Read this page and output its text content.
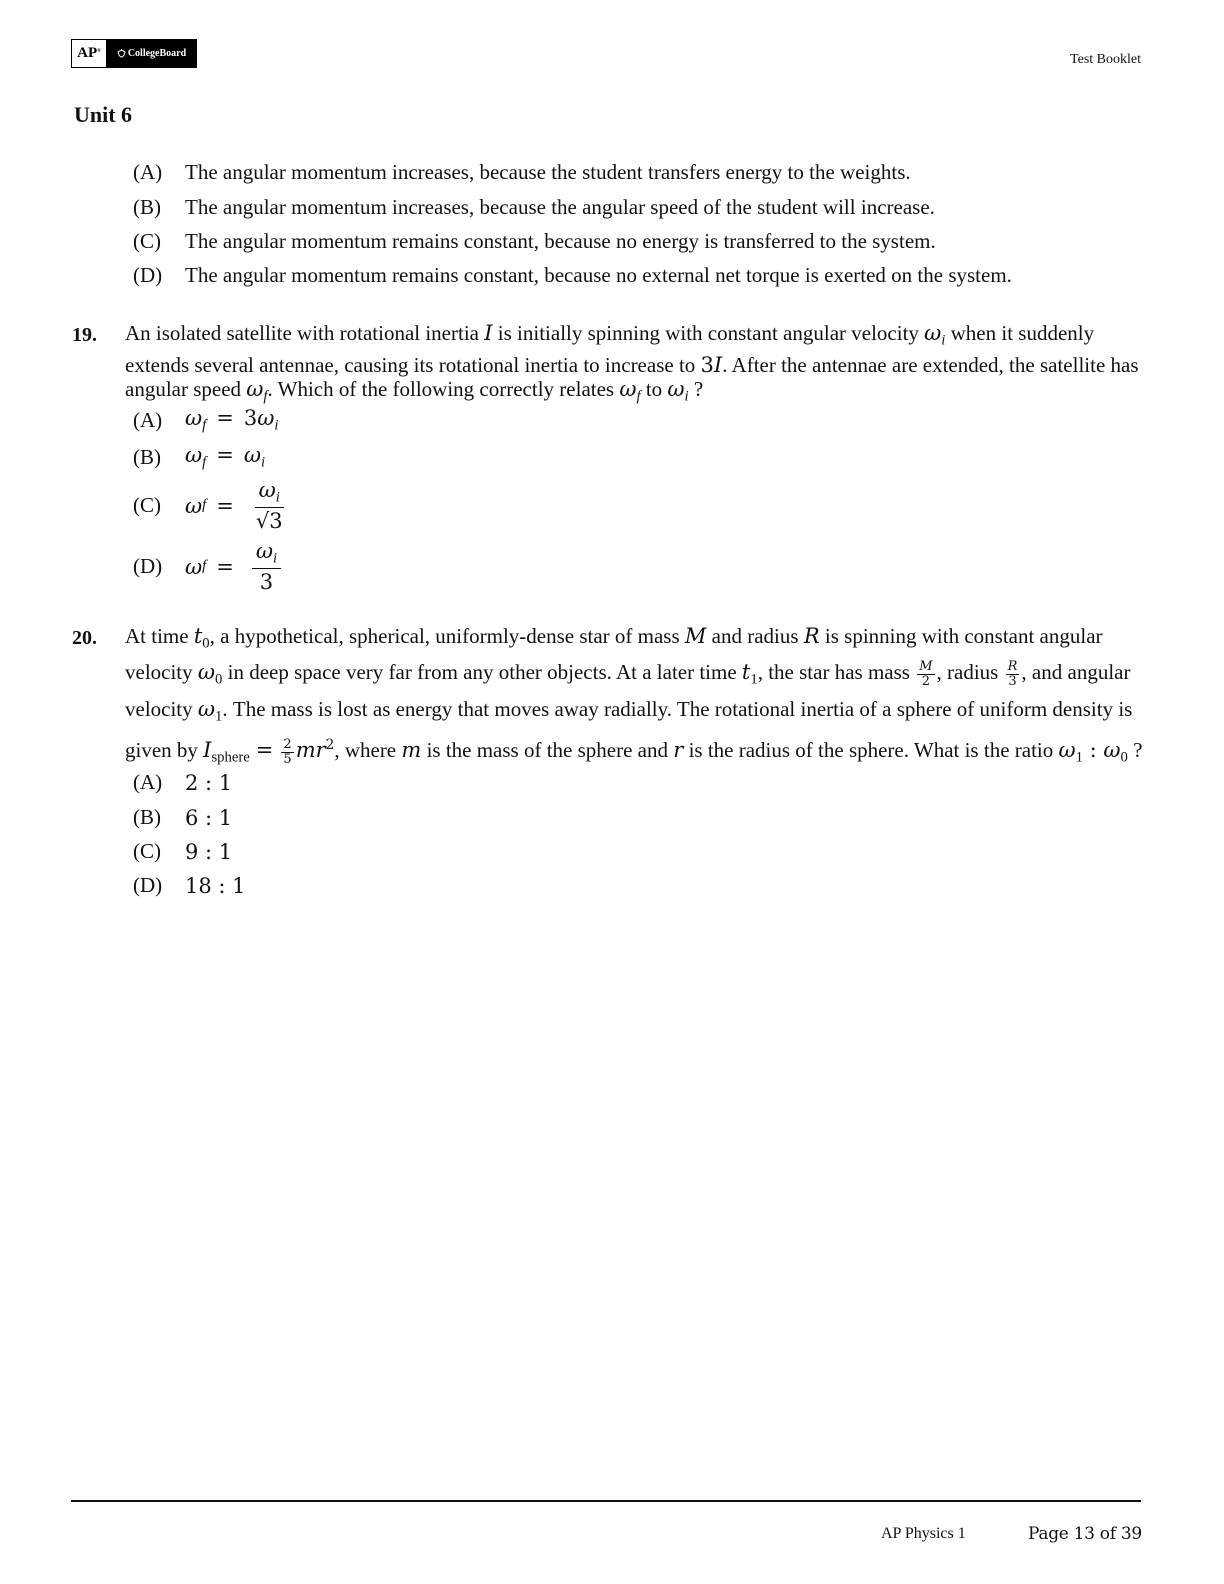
AP ®	CollegeBoard	Test Booklet
Unit 6
(A)	The angular momentum increases, because the student transfers energy to the weights.
(B)	The angular momentum increases, because the angular speed of the student will increase.
(C)	The angular momentum remains constant, because no energy is transferred to the system.
(D)	The angular momentum remains constant, because no external net torque is exerted on the system.
19. An isolated satellite with rotational inertia I is initially spinning with constant angular velocity $\omega_i$ when it suddenly extends several antennae, causing its rotational inertia to increase to 3I. After the antennae are extended, the satellite has angular speed $\omega_f$. Which of the following correctly relates $\omega_f$ to $\omega_i$ ?
(A)	$\omega_f = 3\omega_i$
(B)	$\omega_f = \omega_i$
(C)	ω $f = \frac{\omega_i}{√3}$
(D)	ω $f = \frac{\omega_i}{3}$
20. At time $t_0$, a hypothetical, spherical, uniformly-dense star of mass M and radius R is spinning with constant angular velocity $\omega_0$ in deep space very far from any other objects. At a later time $t_1$, the star has mass $\frac{M}{2}$ , radius $\frac{R}{3}$ , and angular velocity $\omega_1$. The mass is lost as energy that moves away radially. The rotational inertia of a sphere of uniform density is given by $I_{sphere} = \frac{2}{5} mr^2$, where m is the mass of the sphere and r is the radius of the sphere. What is the ratio $\omega_1$ : $\omega_0$ ?
(A)	2 : 1
(B)	6 : 1
(C)	9 : 1
(D)	18 : 1
AP Physics 1	Page 13 of 39
